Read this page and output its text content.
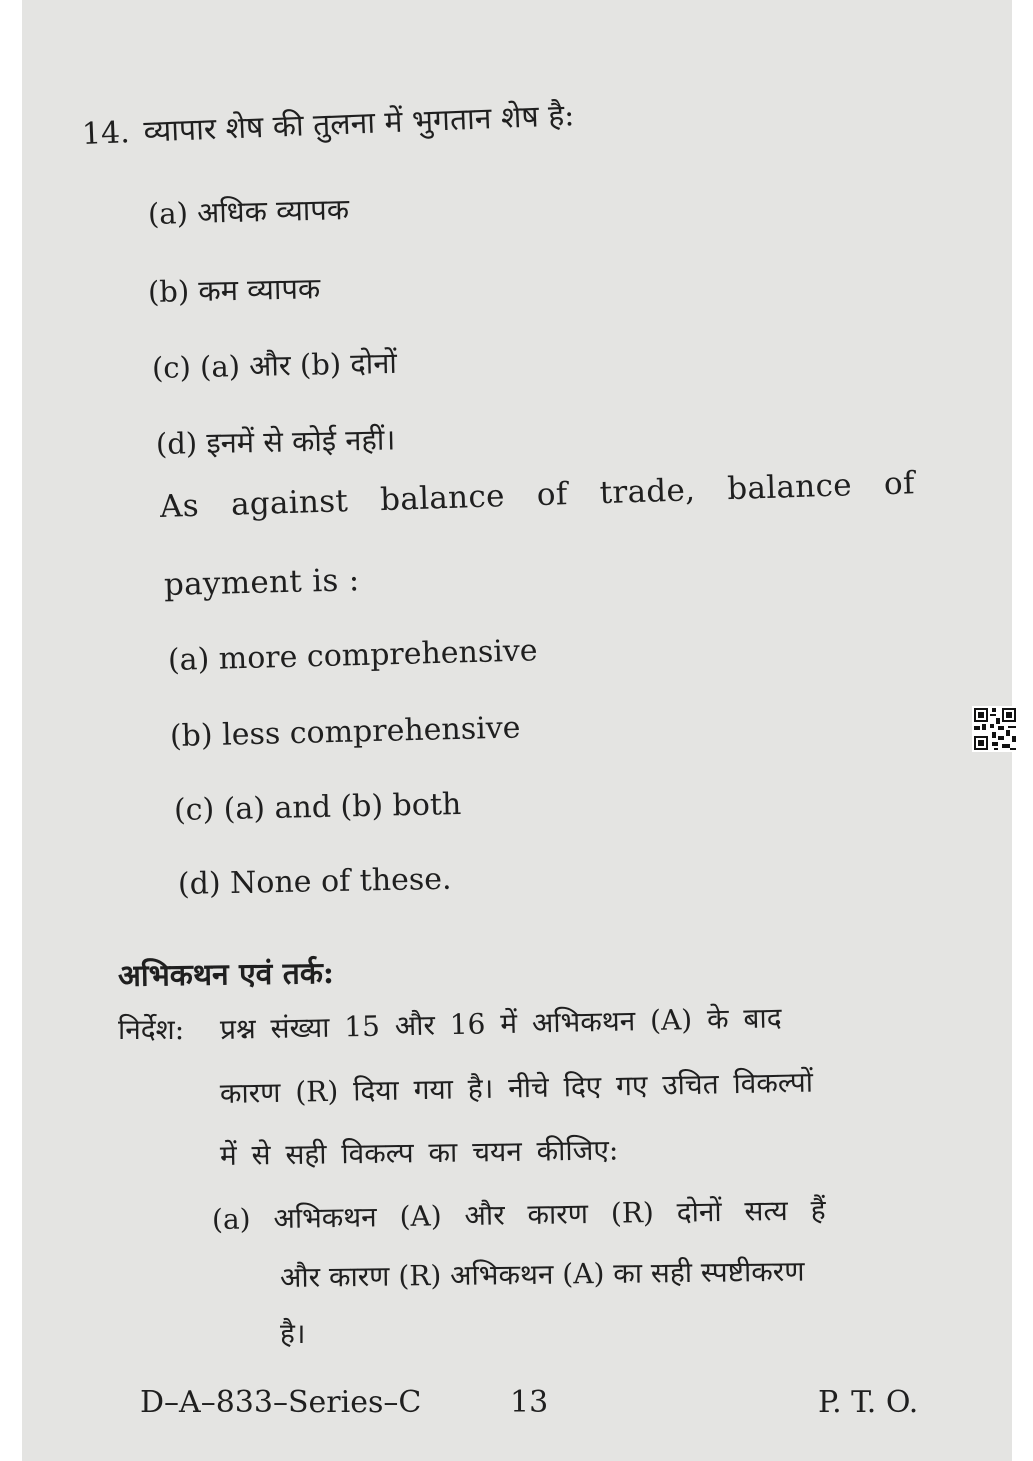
14. व्यापार शेष की तुलना में भुगतान शेष है:
(a) अधिक व्यापक
(b) कम व्यापक
(c) (a) और (b) दोनों
(d) इनमें से कोई नहीं।
As against balance of trade, balance of
payment is :
(a) more comprehensive
(b) less comprehensive
(c) (a) and (b) both
(d) None of these.
अभिकथन एवं तर्क:
निर्देश: प्रश्न संख्या 15 और 16 में अभिकथन (A) के बाद
कारण (R) दिया गया है। नीचे दिए गए उचित विकल्पों
में से सही विकल्प का चयन कीजिए:
(a) अभिकथन (A) और कारण (R) दोनों सत्य हैं
और कारण (R) अभिकथन (A) का सही स्पष्टीकरण
है।
D–A–833–Series–C	13	P. T. O.
